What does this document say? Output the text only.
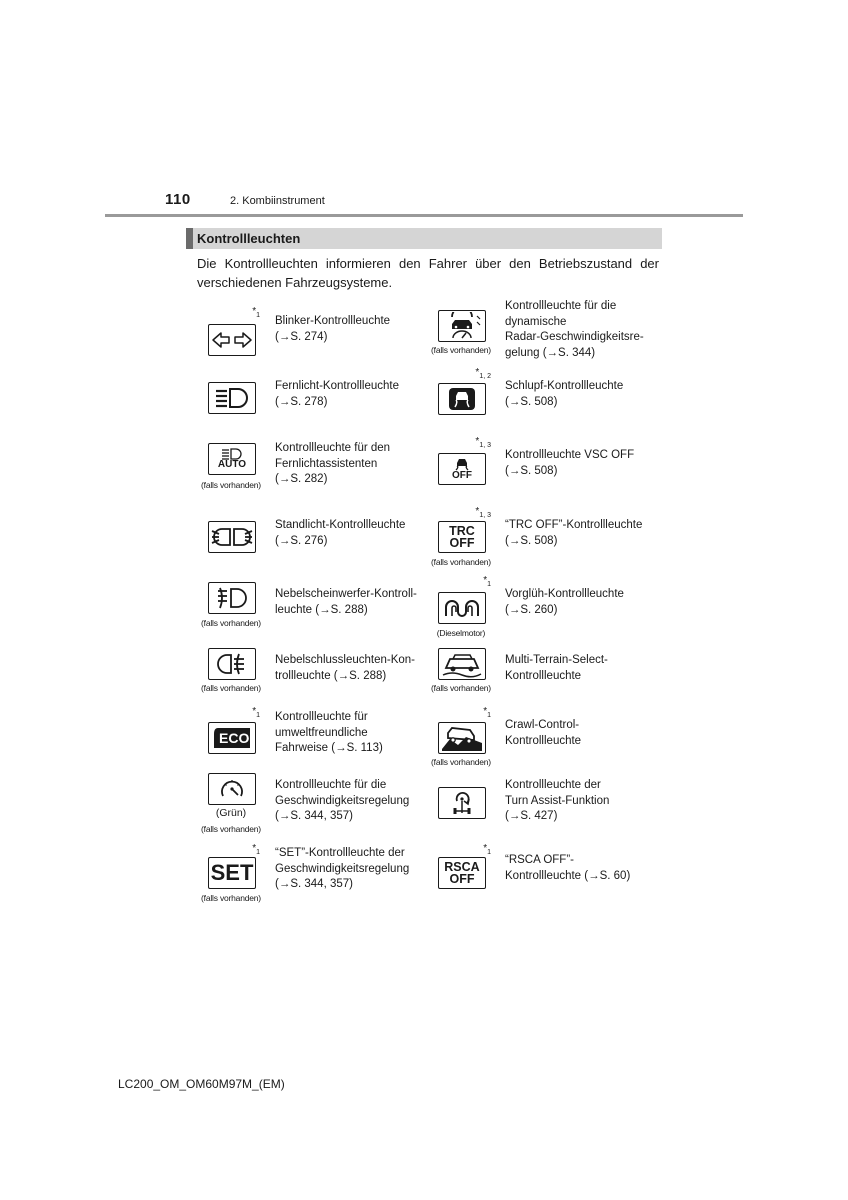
110	2. Kombiinstrument
Kontrollleuchten
Die Kontrollleuchten informieren den Fahrer über den Betriebszustand der verschiedenen Fahrzeugsysteme.
$*_1$ Blinker-Kontrollleuchte
(→S. 274)
Fernlicht-Kontrollleuchte
(→S. 278)
AUTO
(falls vorhanden)
Kontrollleuchte für den
Fernlichtassistenten
(→S. 282)
Standlicht-Kontrollleuchte
(→S. 276)
(falls vorhanden)
Nebelscheinwerfer-Kontroll-
leuchte (→S. 288)
(falls vorhanden)
Nebelschlussleuchten-Kon-
trollleuchte (→S. 288)
$*_1$
ECO
Kontrollleuchte für
umweltfreundliche
Fahrweise (→S. 113)
(Grün)
(falls vorhanden)
Kontrollleuchte für die
Geschwindigkeitsregelung
(→S. 344, 357)
$*_1$
SET
(falls vorhanden)
“SET”-Kontrollleuchte der
Geschwindigkeitsregelung
(→S. 344, 357)
(falls vorhanden)
Kontrollleuchte für die
dynamische
Radar-Geschwindigkeitsre-
gelung (→S. 344)
$*_{1, 2}$
Schlupf-Kontrollleuchte
(→S. 508)
$*_{1, 3}$
OFF
Kontrollleuchte VSC OFF
(→S. 508)
$*_{1, 3}$
TRC
OFF
(falls vorhanden)
“TRC OFF”-Kontrollleuchte
(→S. 508)
$*_1$
(Dieselmotor)
Vorglüh-Kontrollleuchte
(→S. 260)
(falls vorhanden)
Multi-Terrain-Select-
Kontrollleuchte
$*_1$
(falls vorhanden)
Crawl-Control-
Kontrollleuchte
Kontrollleuchte der
Turn Assist-Funktion
(→S. 427)
$*_1$
RSCA
OFF
“RSCA OFF”-
Kontrollleuchte (→S. 60)
LC200_OM_OM60M97M_(EM)
